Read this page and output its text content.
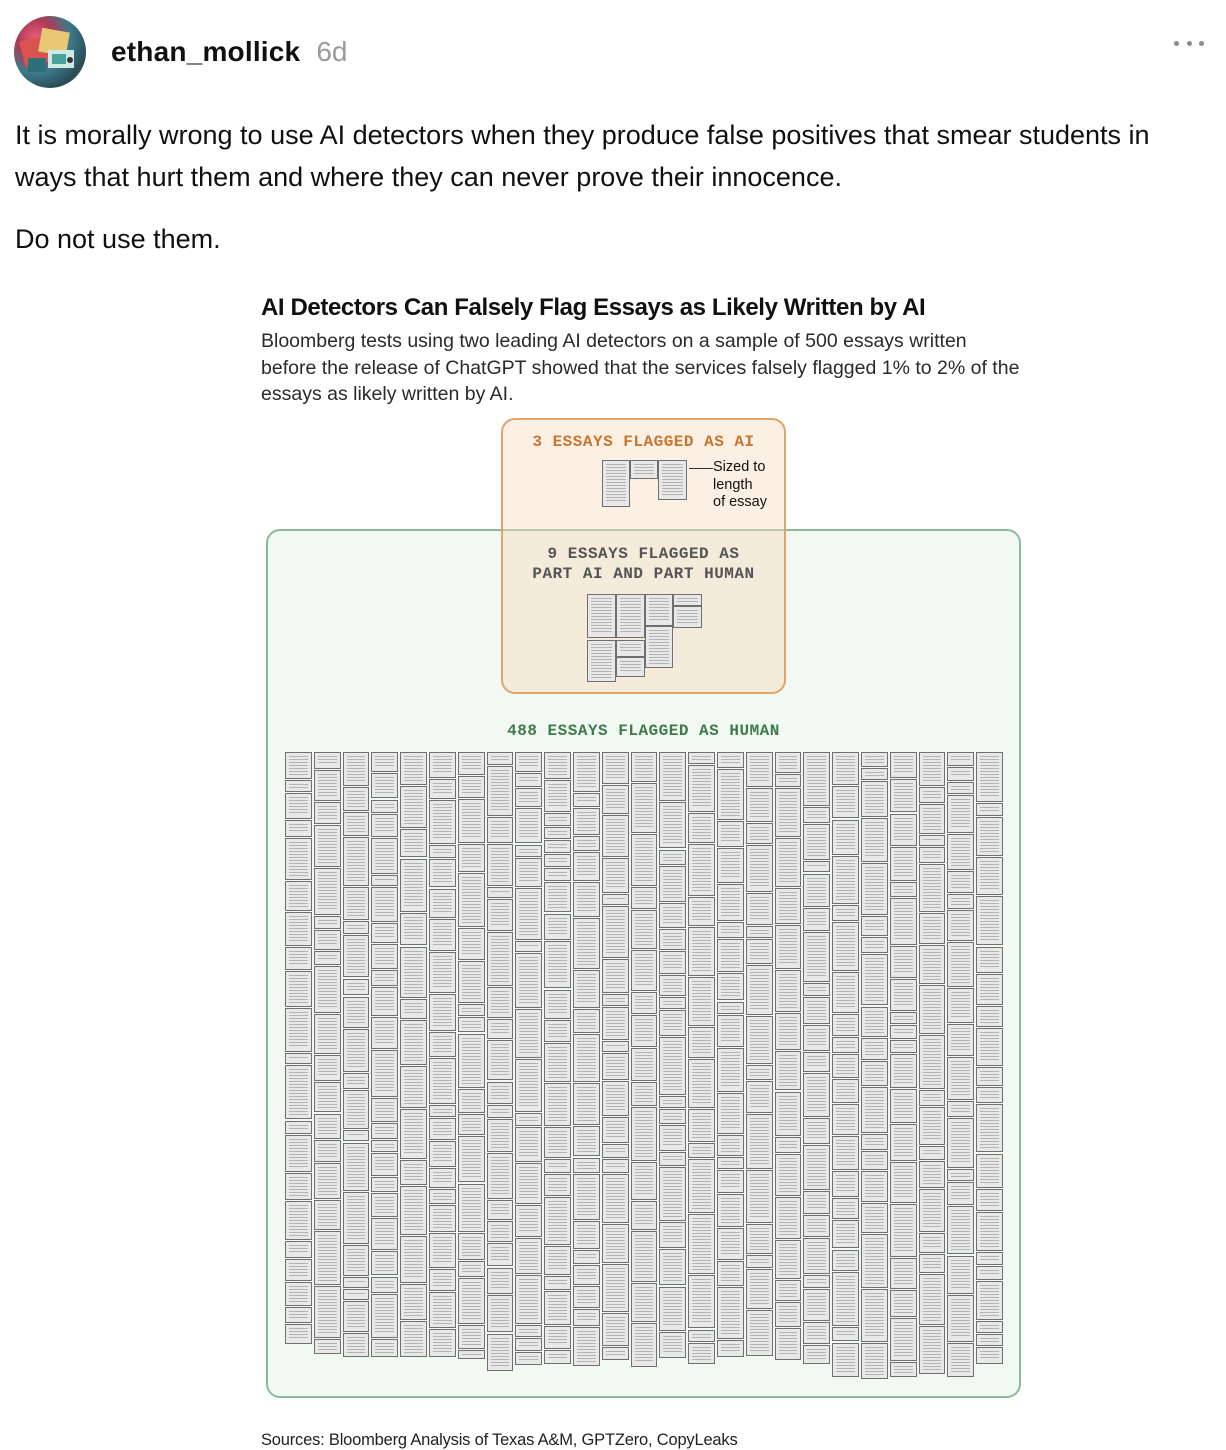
ethan_mollick 6d

It is morally wrong to use AI detectors when they produce false positives that smear students in ways that hurt them and where they can never prove their innocence.

Do not use them.

AI Detectors Can Falsely Flag Essays as Likely Written by AI
Bloomberg tests using two leading AI detectors on a sample of 500 essays written before the release of ChatGPT showed that the services falsely flagged 1% to 2% of the essays as likely written by AI.
488 ESSAYS FLAGGED AS HUMAN
3 ESSAYS FLAGGED AS AI
Sized to
length
of essay
9 ESSAYS FLAGGED AS
PART AI AND PART HUMAN
Sources: Bloomberg Analysis of Texas A&M, GPTZero, CopyLeaks
